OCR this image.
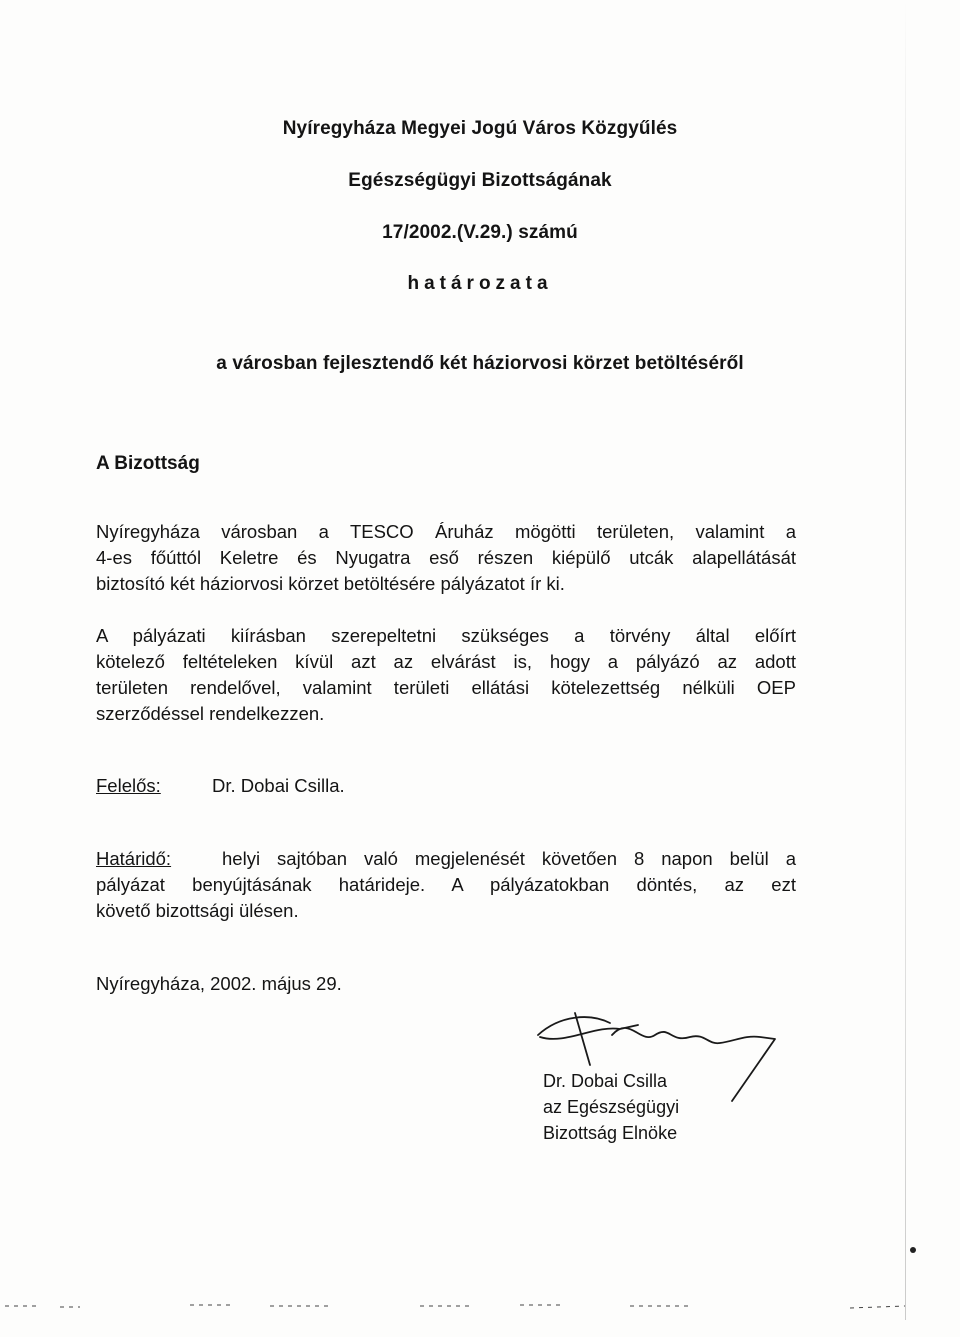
Nyíregyháza Megyei Jogú Város Közgyűlés
Egészségügyi Bizottságának
17/2002.(V.29.) számú
határozata
a városban fejlesztendő két háziorvosi körzet betöltéséről
A Bizottság
Nyíregyháza városban a TESCO Áruház mögötti területen, valamint a
4-es főúttól Keletre és Nyugatra eső részen kiépülő utcák alapellátását
biztosító két háziorvosi körzet betöltésére pályázatot ír ki.
A pályázati kiírásban szerepeltetni szükséges a törvény által előírt
kötelező feltételeken kívül azt az elvárást is, hogy a pályázó az adott
területen rendelővel, valamint területi ellátási kötelezettség nélküli OEP
szerződéssel rendelkezzen.
Felelős:	Dr. Dobai Csilla.
Határidő:	helyi sajtóban való megjelenését követően 8 napon belül a
pályázat benyújtásának határideje. A pályázatokban döntés, az ezt
követő bizottsági ülésen.
Nyíregyháza, 2002. május 29.
Dr. Dobai Csilla
az Egészségügyi
Bizottság Elnöke
